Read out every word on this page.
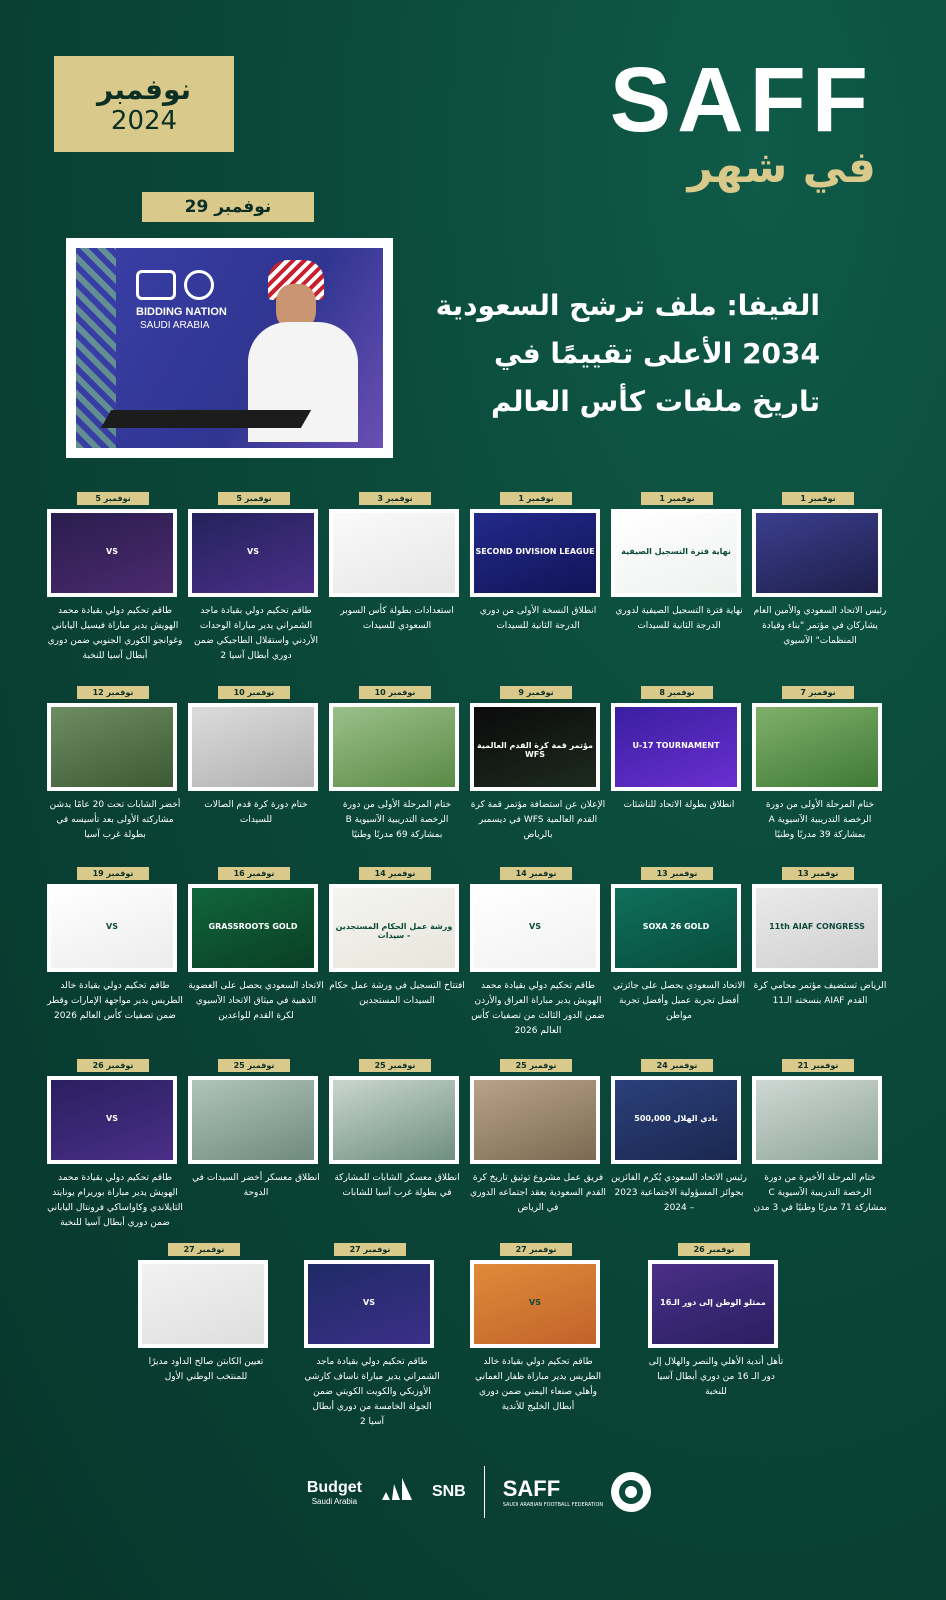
نوفمبر
2024	SAFF
في شهر
29 نوفمبر
BIDDING NATION
SAUDI ARABIA
الفيفا: ملف ترشح السعودية 2034 الأعلى تقييمًا في تاريخ ملفات كأس العالم
1 نوفمبر
رئيس الاتحاد السعودي والأمين العام يشاركان في مؤتمر "بناء وقيادة المنظمات" الآسيوي
1 نوفمبر
نهاية فترة التسجيل الصيفية
نهاية فترة التسجيل الصيفية لدوري الدرجة الثانية للسيدات
1 نوفمبر
SECOND DIVISION LEAGUE
انطلاق النسخة الأولى من دوري الدرجة الثانية للسيدات
3 نوفمبر
استعدادات بطولة كأس السوبر السعودي للسيدات
5 نوفمبر
VS
طاقم تحكيم دولي بقيادة ماجد الشمراني يدير مباراة الوحدات الأردني واستقلال الطاجيكي ضمن دوري أبطال آسيا 2
5 نوفمبر
VS
طاقم تحكيم دولي بقيادة محمد الهويش يدير مباراة فيسيل الياباني وغوانجو الكوري الجنوبي ضمن دوري أبطال آسيا للنخبة
7 نوفمبر
ختام المرحلة الأولى من دورة الرخصة التدريبية الآسيوية A بمشاركة 39 مدربًا وطنيًا
8 نوفمبر
U-17 TOURNAMENT
انطلاق بطولة الاتحاد للناشئات
9 نوفمبر
مؤتمر قمة كرة القدم العالمية WFS
الإعلان عن استضافة مؤتمر قمة كرة القدم العالمية WFS في ديسمبر بالرياض
10 نوفمبر
ختام المرحلة الأولى من دورة الرخصة التدريبية الآسيوية B بمشاركة 69 مدربًا وطنيًا
10 نوفمبر
ختام دورة كرة قدم الصالات للسيدات
12 نوفمبر
أخضر الشابات تحت 20 عامًا يدشن مشاركته الأولى بعد تأسيسه في بطولة غرب آسيا
13 نوفمبر
11th AIAF CONGRESS
الرياض تستضيف مؤتمر محامي كرة القدم AIAF بنسخته الـ11
13 نوفمبر
SOXA 26 GOLD
الاتحاد السعودي يحصل على جائزتي أفضل تجربة عميل وأفضل تجربة مواطن
14 نوفمبر
VS
طاقم تحكيم دولي بقيادة محمد الهويش يدير مباراة العراق والأردن ضمن الدور الثالث من تصفيات كأس العالم 2026
14 نوفمبر
ورشة عمل الحكام المستجدين - سيدات
افتتاح التسجيل في ورشة عمل حكام السيدات المستجدين
16 نوفمبر
GRASSROOTS GOLD
الاتحاد السعودي يحصل على العضوية الذهبية في ميثاق الاتحاد الآسيوي لكرة القدم للواعدين
19 نوفمبر
VS
طاقم تحكيم دولي بقيادة خالد الطريس يدير مواجهة الإمارات وقطر ضمن تصفيات كأس العالم 2026
21 نوفمبر
ختام المرحلة الأخيرة من دورة الرخصة التدريبية الآسيوية C بمشاركة 71 مدربًا وطنيًا في 3 مدن
24 نوفمبر
نادي الهلال 500,000
رئيس الاتحاد السعودي يُكرم الفائزين بجوائز المسؤولية الاجتماعية 2023 – 2024
25 نوفمبر
فريق عمل مشروع توثيق تاريخ كرة القدم السعودية يعقد اجتماعه الدوري في الرياض
25 نوفمبر
انطلاق معسكر الشابات للمشاركة في بطولة غرب آسيا للشابات
25 نوفمبر
انطلاق معسكر أخضر السيدات في الدوحة
26 نوفمبر
VS
طاقم تحكيم دولي بقيادة محمد الهويش يدير مباراة بوريرام يونايتد التايلاندي وكاواساكي فرونتال الياباني ضمن دوري أبطال آسيا للنخبة
26 نوفمبر
ممثلو الوطن إلى دور الـ16
تأهل أندية الأهلي والنصر والهلال إلى دور الـ 16 من دوري أبطال آسيا للنخبة
27 نوفمبر
VS
طاقم تحكيم دولي بقيادة خالد الطريس يدير مباراة ظفار العماني وأهلي صنعاء اليمني ضمن دوري أبطال الخليج للأندية
27 نوفمبر
VS
طاقم تحكيم دولي بقيادة ماجد الشمراني يدير مباراة ناساف كارشي الأوزبكي والكويت الكويتي ضمن الجولة الخامسة من دوري أبطال آسيا 2
27 نوفمبر
تعيين الكابتن صالح الداود مديرًا للمنتخب الوطني الأول
Budget
Saudi Arabia
SNB SAFF
SAUDI ARABIAN FOOTBALL FEDERATION
